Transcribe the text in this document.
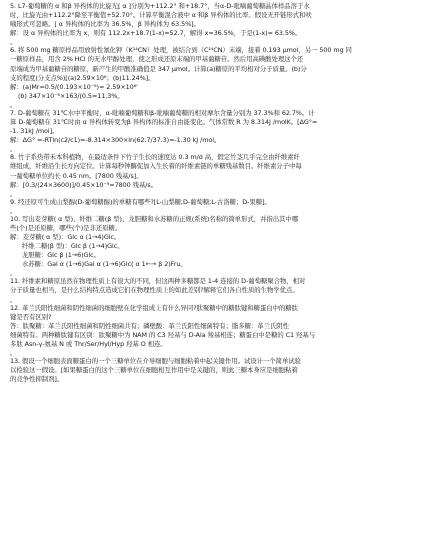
5. L7-葡萄糖的 α 和β 异构体的比旋光[ α ]分别为+112.2° 和+18.7°，当α-D-吡喃葡萄糖晶体样品溶于水

时，比旋光由+112.2°降至平衡值+52.70°。计算平衡混合液中 α 和β 异构体的比率。假设无开链形式和呋

喃形式可忽略。[ α 异构体的比率为 36.5%，β 异构体为 63.5%]。

解：设 α 异构体的比率为 x，则有 112.2x+18.7(1-x)=52.7，解得 x=36.5%，于是(1-x)= 63.5%。

。

6. 将 500 mg 糖原样品用放射性氰化钾（K¹⁴CN）处理，被结合到（C¹⁴CN）末端，接着 0.193 μmol，另一 500 mg 同

一糖原样品，用含 2% HCl 的无水甲醇处理，使之形成还原末端的甲基葡糖苷。然后用高碘酸处理这个还

原端成为甲基葡糖苷的糖原，新产生的甲酸准确值是 347 μmol。计算(a)糖原的平均相对分子质量。(b)分

支的程度(分支点%)[(a)2.59×10⁶；(b)11.24%]。

解：(a)Mr=0.5/(0.193×10⁻⁶)= 2.59×10⁶'

(b) 347×10⁻⁶×163/(0.5=11.3%。

。

7. D-葡萄糖在 31℃水中平衡时，α-吡喃葡萄糖和β-吡喃葡萄糖的相对摩尔含量分别为 37.3%和 62.7%。计

算 D-葡萄糖在 31℃时由 α 异构体转变为β 异构体的标准自由能变化。气体常数 R 为 8.314J /molK。[ΔG°=

-1. 31kJ /mol]。

解：ΔG° =-RTln(c2/c1)=-8.314×300×ln(62.7/37.3)=-1.30 kJ /mol。

。

8. 竹子系热带禾本科植物，在最适条件下竹子生长的速度达 0.3 m/d 高，假定竹茎几乎完全由纤维素纤

维组成，纤维沿生长方向定位。计算每秒钟酶促加入生长着的纤维素链的单糖残基数目。纤维素分子中每

一葡萄糖单位约长 0.45 nm。[7800 残基/s]。

解：[0.3/(24×3600)]/0.45×10⁻⁹=7800 残基/s。

。

9. 经还原可生成山梨醇(D-葡萄糖醇)的单糖有哪些?[L-山梨糖;D-葡萄糖;L-古洛糖；D-果糖]。

。

10. 写出麦芽糖( α 型)、纤维二糖(β 型)、龙胆糖和水苏糖的正规(系统)名称的简单形式，并指出其中哪

些(个)是还原糖，哪些(个)是非还原糖。

解：麦芽糖( α 型)：Glc α (1→4)Glc。

纤维二糖(β 型)：Glc β (1→4)Glc。

龙胆糖：Glc β (1→6)Glc。

水苏糖：Gal α (1→6)Gal α (1→6)Glc( α 1←→ β 2)Fru。

。

11. 纤维素和糖原虽然在物理性质上有很大的不同，但这两种多糖都是 1-4 连接的 D-葡萄糖聚合物，相对

分子质量也相当，是什么结构特点造成它们在物理性质上的如此差别?解释它们各自性质的生物学优点。

。

12. 革兰氏阳性细菌和阴性细菌的细胞壁在化学组成上有什么异同?肽聚糖中的糖肽键和糖蛋白中的糖肽

键是否有区别?

答：肽聚糖：革兰氏阳性细菌和阴性细菌共有；磷壁酸：革兰氏阳性细菌特有；脂多糖：革兰氏阴性

细菌特有。两种糖肽键有区别：肽聚糖中为 NAM 的 C3 羟基与 D-Ala 羧基相连；糖蛋白中是糖的 C1 羟基与

多肽 Asn-γ-氨基 N 或 Thr/Ser/Hyl/Hyp 羟基 O 相连。

。

13. 假设一个细胞表面糖蛋白的一个三糖单位在介导细胞与细胞粘着中起关键作用。试设计一个简单试验

以检验这一假设。[如果糖蛋白的这个三糖单位在细胞相互作用中是关键的，则此三糖本身应是细胞粘着

的竞争性抑制剂]。
